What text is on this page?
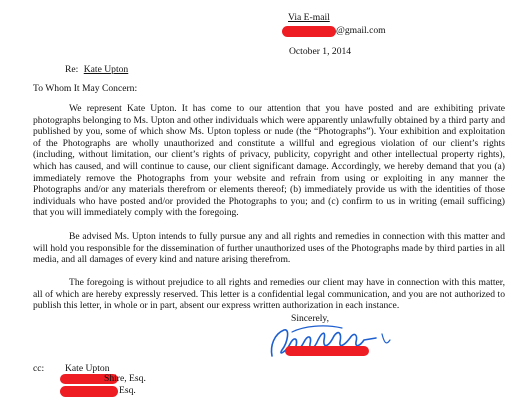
Via E-mail
@gmail.com
October 1, 2014
Re: Kate Upton
To Whom It May Concern:
We represent Kate Upton. It has come to our attention that you have posted and are exhibiting private photographs belonging to Ms. Upton and other individuals which were apparently unlawfully obtained by a third party and published by you, some of which show Ms. Upton topless or nude (the “Photographs”). Your exhibition and exploitation of the Photographs are wholly unauthorized and constitute a willful and egregious violation of our client’s rights (including, without limitation, our client’s rights of privacy, publicity, copyright and other intellectual property rights), which has caused, and will continue to cause, our client significant damage. Accordingly, we hereby demand that you (a) immediately remove the Photographs from your website and refrain from using or exploiting in any manner the Photographs and/or any materials therefrom or elements thereof; (b) immediately provide us with the identities of those individuals who have posted and/or provided the Photographs to you; and (c) confirm to us in writing (email sufficing) that you will immediately comply with the foregoing.
Be advised Ms. Upton intends to fully pursue any and all rights and remedies in connection with this matter and will hold you responsible for the dissemination of further unauthorized uses of the Photographs made by third parties in all media, and all damages of every kind and nature arising therefrom.
The foregoing is without prejudice to all rights and remedies our client may have in connection with this matter, all of which are hereby expressly reserved. This letter is a confidential legal communication, and you are not authorized to publish this letter, in whole or in part, absent our express written authorization in each instance.
Sincerely,
cc: Kate Upton
Shire, Esq.
Esq.
